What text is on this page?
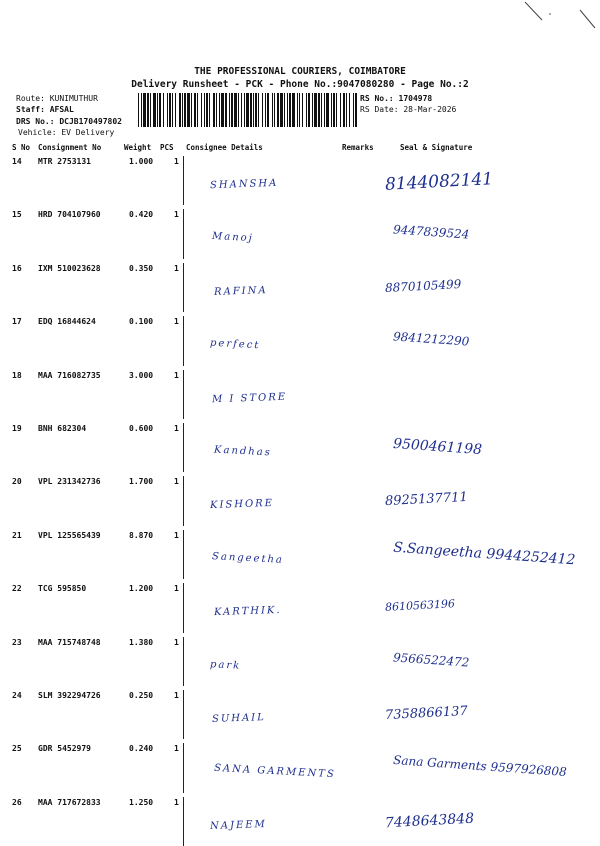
THE PROFESSIONAL COURIERS, COIMBATORE
Delivery Runsheet - PCK - Phone No.:9047080280 - Page No.:2
Route: KUNIMUTHUR
Staff: AFSAL
DRS No.: DCJB170497802
Vehicle: EV Delivery
RS No.: 1704978
RS Date: 28-Mar-2026
S No Consignment No	Weight PCS Consignee Details	Remarks	Seal & Signature
14 MTR 2753131	1.000	1
SHANSHA	8144082141
15 HRD 704107960	0.420	1
Manoj	9447839524
16 IXM 510023628	0.350	1
RAFINA	8870105499
17 EDQ 16844624	0.100	1
perfect	9841212290
18 MAA 716082735	3.000	1
M I STORE
19 BNH 682304	0.600	1
Kandhas	9500461198
20 VPL 231342736	1.700	1
KISHORE	8925137711
21 VPL 125565439	8.870	1
Sangeetha	S.Sangeetha 9944252412
22 TCG 595850	1.200	1
KARTHIK.	8610563196
23 MAA 715748748	1.380	1
park	9566522472
24 SLM 392294726	0.250	1
SUHAIL	7358866137
25 GDR 5452979	0.240	1
SANA GARMENTS	Sana Garments 9597926808
26 MAA 717672833	1.250	1
NAJEEM	7448643848
